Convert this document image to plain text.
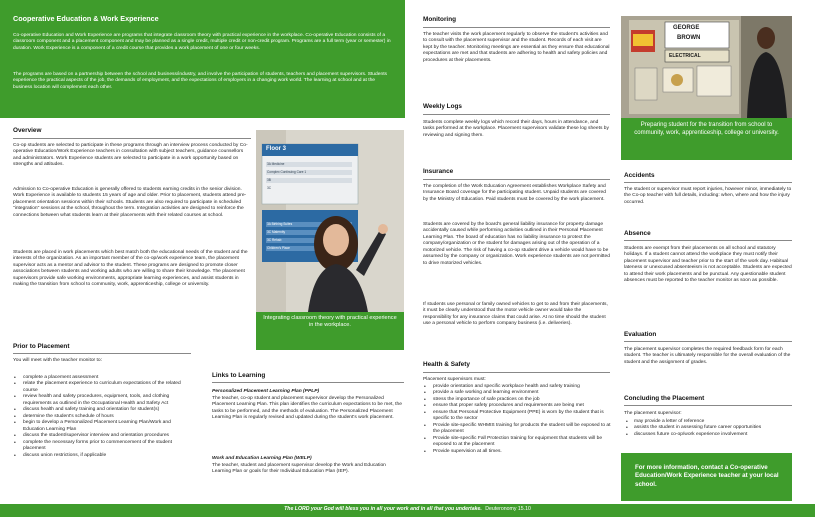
Cooperative Education & Work Experience
Co-operative Education and Work Experience are programs that integrate classroom theory with practical experience in the workplace. Co-operative Education consists of a classroom component and a placement component and may be planned as a single credit, multiple credit or non-credit program. Programs are a full term (year or semester) in duration. Work Experience is a component of a credit course that provides a work placement of one or four weeks.
The programs are based on a partnership between the school and business/industry, and involve the participation of students, teachers and placement supervisors. Students experience the practical aspects of the job, the demands of employment, and the expectations of employers in a changing work world. The learning at school and at the business location will complement each other.
Overview
Co-op students are selected to participate in these programs through an interview process conducted by Co-operative Education/Work Experience teachers in consultation with subject teachers, guidance counsellors and administrators. Work Experience students are selected to participate in a work opportunity based on strengths and attitudes.
Admission to Co-operative Education is generally offered to students earning credits in the senior division. Work Experience is available to students 15 years of age and older. Prior to placement, students attend pre-placement orientation sessions within their schools. Students are also required to participate in scheduled "integration" sessions at the school, throughout the term. Integration activities are designed to reinforce the connections between what students learn at their placements with their related courses at school.
Students are placed in work placements which best match both the educational needs of the student and the interests of the organization. As an important member of the co-op/work experience team, the placement supervisor acts as a mentor and advisor to the student. These programs are designed to promote closer associations between students and working adults who are willing to share their knowledge. The placement supervisors provide safe working environments, appropriate learning experiences, and assist students in making the transition from school to community, work, apprenticeship, college or university.
Floor 3
3A Medicine
Complex Continuing Care 1
3B
3C
3A Birthing Suites
3C Maternity
3C Rehab
Children's Place
Integrating classroom theory with practical experience in the workplace.
Prior to Placement
You will meet with the teacher monitor to:
• complete a placement assessment
• relate the placement experience to curriculum expectations of the related course
• review health and safety procedures, equipment, tools, and clothing requirements as outlined in the Occupational Health and Safety Act
• discuss health and safety training and orientation for student(s)
• determine the student's schedule of hours
• begin to develop a Personalized Placement Learning Plan/Work and Education Learning Plan
• discuss the student/supervisor interview and orientation procedures
• complete the necessary forms prior to commencement of the student placement
• discuss union restrictions, if applicable
Links to Learning
Personalized Placement Learning Plan (PPLP)
The teacher, co-op student and placement supervisor develop the Personalized Placement Learning Plan. This plan identifies the curriculum expectations to be met, the tasks to be performed, and the methods of evaluation. The Personalized Placement Learning Plan is regularly revised and updated during the student's work placement.
Work and Education Learning Plan (WELP)
The teacher, student and placement supervisor develop the Work and Education Learning Plan or goals for their Individual Education Plan (IEP).
Monitoring
The teacher visits the work placement regularly to observe the student's activities and to consult with the placement supervisor and the student. Records of each visit are kept by the teacher. Monitoring meetings are essential as they ensure that educational expectations are met and that students are adhering to health and safety policies and procedures at their placements.
Weekly Logs
Students complete weekly logs which record their days, hours in attendance, and tasks performed at the workplace. Placement supervisors validate these log sheets by reviewing and signing them.
Insurance
The completion of the Work Education Agreement establishes Workplace Safety and Insurance Board coverage for the participating student. Unpaid students are covered by the Ministry of Education. Paid students must be covered by the work placement.
Students are covered by the board's general liability insurance for property damage accidentally caused while performing activities outlined in their Personal Placement Learning Plan. The board of education has no liability insurance to protect the company/organization or the student for damages arising out of the operation of a motorized vehicle. The risk of having a co-op student drive a vehicle would have to be assumed by the company or organization. Work experience students are not permitted to drive motorized vehicles.
If students use personal or family owned vehicles to get to and from their placements, it must be clearly understood that the motor vehicle owner would take the responsibility for any insurance claims that could arise. At no time should the student use a personal vehicle to perform company business (i.e. deliveries).
Health & Safety
Placement supervisors must:
• provide orientation and specific workplace health and safety training
• provide a safe working and learning environment
• stress the importance of safe practices on the job
• ensure that proper safety procedures and requirements are being met
• ensure that Personal Protective Equipment (PPE) is worn by the student that is specific to the sector
• Provide site-specific WHMIS training for products the student will be exposed to at the placement
• Provide site-specific Fall Protection training for equipment that students will be exposed to at the placement
• Provide supervision at all times.
GEORGE
BROWN
ELECTRICAL
Preparing student for the transition from school to community, work, apprenticeship, college or university.
Accidents
The student or supervisor must report injuries, however minor, immediately to the Co-op teacher with full details, including: when, where and how the injury occurred.
Absence
Students are exempt from their placements on all school and statutory holidays. If a student cannot attend the workplace they must notify their placement supervisor and teacher prior to the start of the work day. Habitual lateness or unexcused absenteeism is not acceptable. Students are expected to attend their work placements and be punctual. Any questionable student absences must be reported to the teacher monitor as soon as possible.
Evaluation
The placement supervisor completes the required feedback form for each student. The teacher is ultimately responsible for the overall evaluation of the student and the assignment of grades.
Concluding the Placement
The placement supervisor:
• may provide a letter of reference
• assists the student in assessing future career opportunities
• discusses future co-op/work experience involvement
For more information, contact a Co-operative Education/Work Experience teacher at your local school.
The LORD your God will bless you in all your work and in all that you undertake. Deuteronomy 15.10
